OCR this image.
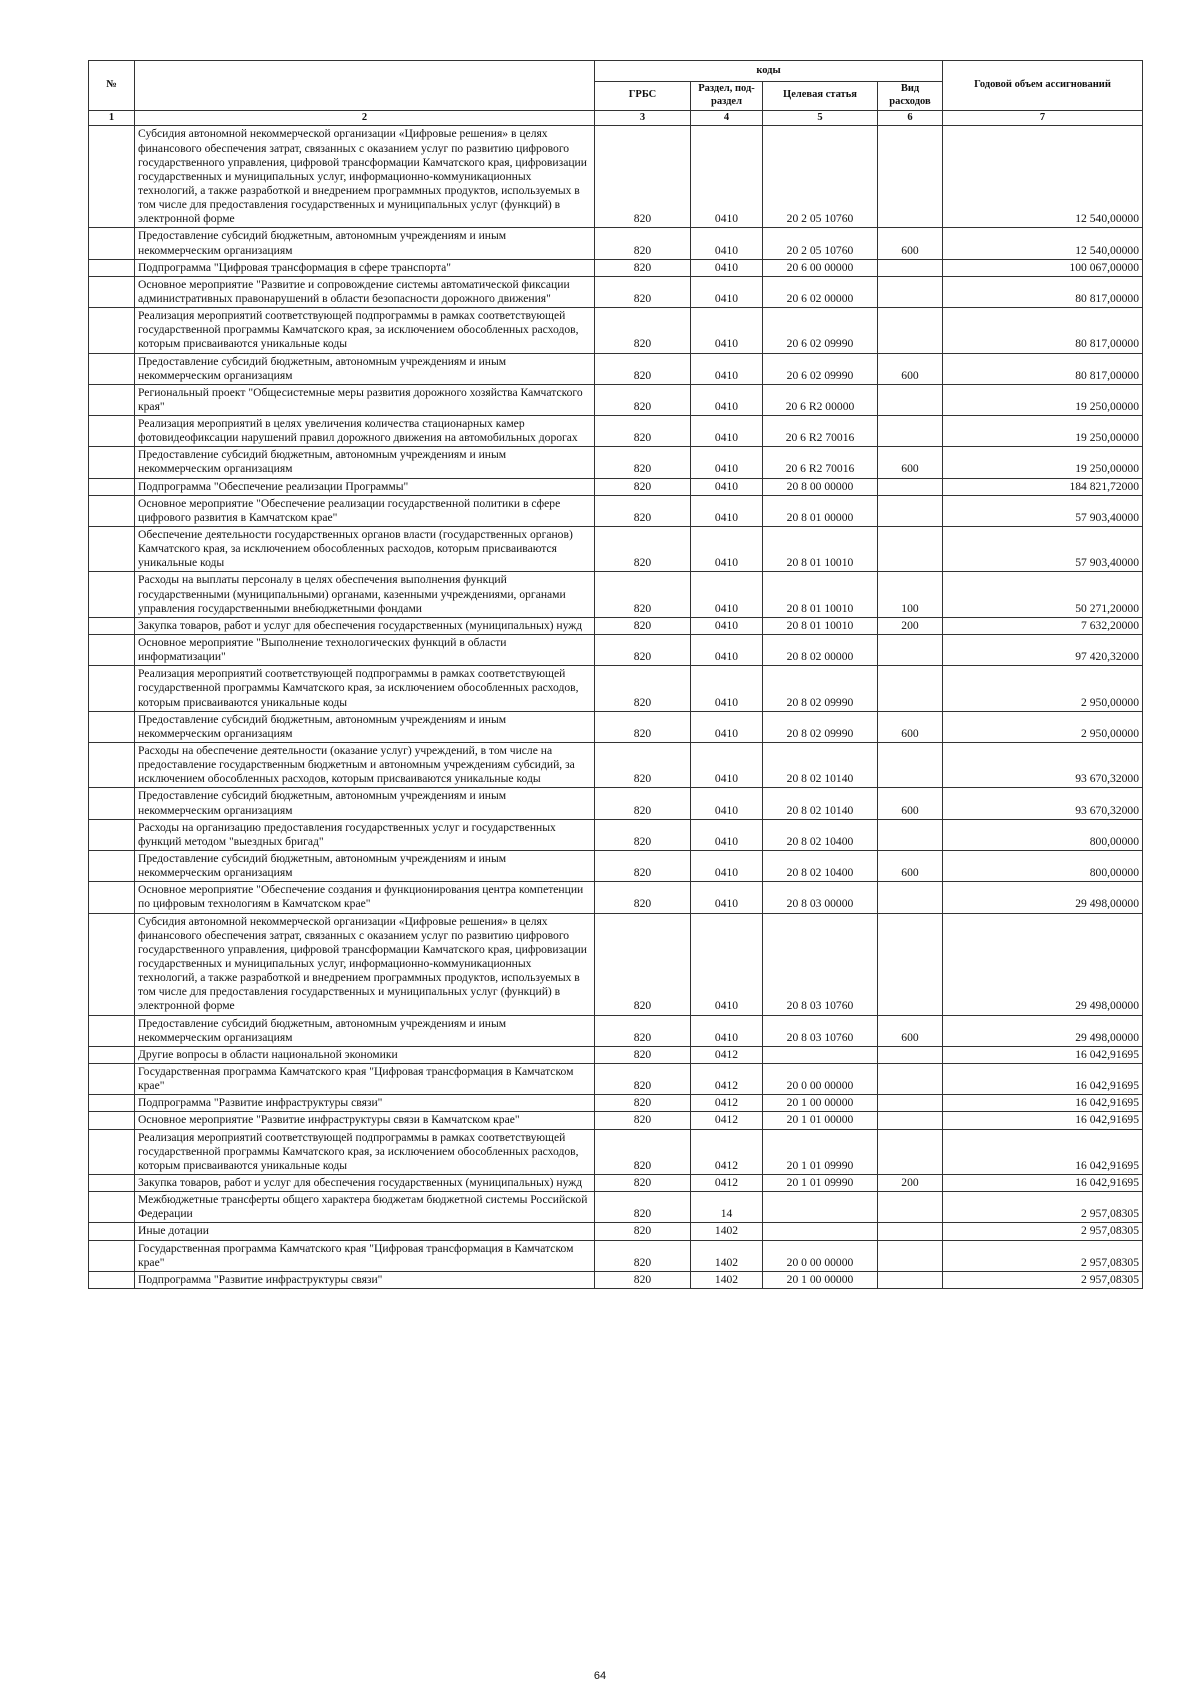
№		коды				Годовой объем ассигнований
		ГРБС	Раздел, под-раздел	Целевая статья	Вид расходов	
1	2	3	4	5	6	7
	Субсидия автономной некоммерческой организации «Цифровые решения» в целях финансового обеспечения затрат, связанных с оказанием услуг по развитию цифрового государственного управления, цифровой трансформации Камчатского края, цифровизации государственных и муниципальных услуг, информационно-коммуникационных технологий, а также разработкой и внедрением программных продуктов, используемых в том числе для предоставления государственных и муниципальных услуг (функций) в электронной форме	820	0410	20 2 05 10760		12 540,00000
	Предоставление субсидий бюджетным, автономным учреждениям и иным некоммерческим организациям	820	0410	20 2 05 10760	600	12 540,00000
	Подпрограмма "Цифровая трансформация в сфере транспорта"	820	0410	20 6 00 00000		100 067,00000
	Основное мероприятие "Развитие и сопровождение системы автоматической фиксации административных правонарушений в области безопасности дорожного движения"	820	0410	20 6 02 00000		80 817,00000
	Реализация мероприятий соответствующей подпрограммы в рамках соответствующей государственной программы Камчатского края, за исключением обособленных расходов, которым присваиваются уникальные коды	820	0410	20 6 02 09990		80 817,00000
	Предоставление субсидий бюджетным, автономным учреждениям и иным некоммерческим организациям	820	0410	20 6 02 09990	600	80 817,00000
	Региональный проект "Общесистемные меры развития дорожного хозяйства Камчатского края"	820	0410	20 6 R2 00000		19 250,00000
	Реализация мероприятий в целях увеличения количества стационарных камер фотовидеофиксации нарушений правил дорожного движения на автомобильных дорогах	820	0410	20 6 R2 70016		19 250,00000
	Предоставление субсидий бюджетным, автономным учреждениям и иным некоммерческим организациям	820	0410	20 6 R2 70016	600	19 250,00000
	Подпрограмма "Обеспечение реализации Программы"	820	0410	20 8 00 00000		184 821,72000
	Основное мероприятие "Обеспечение реализации государственной политики в сфере цифрового развития в Камчатском крае"	820	0410	20 8 01 00000		57 903,40000
	Обеспечение деятельности государственных органов власти (государственных органов) Камчатского края, за исключением обособленных расходов, которым присваиваются уникальные коды	820	0410	20 8 01 10010		57 903,40000
	Расходы на выплаты персоналу в целях обеспечения выполнения функций государственными (муниципальными) органами, казенными учреждениями, органами управления государственными внебюджетными фондами	820	0410	20 8 01 10010	100	50 271,20000
	Закупка товаров, работ и услуг для обеспечения государственных (муниципальных) нужд	820	0410	20 8 01 10010	200	7 632,20000
	Основное мероприятие "Выполнение технологических функций в области информатизации"	820	0410	20 8 02 00000		97 420,32000
	Реализация мероприятий соответствующей подпрограммы в рамках соответствующей государственной программы Камчатского края, за исключением обособленных расходов, которым присваиваются уникальные коды	820	0410	20 8 02 09990		2 950,00000
	Предоставление субсидий бюджетным, автономным учреждениям и иным некоммерческим организациям	820	0410	20 8 02 09990	600	2 950,00000
	Расходы на обеспечение деятельности (оказание услуг) учреждений, в том числе на предоставление государственным бюджетным и автономным учреждениям субсидий, за исключением обособленных расходов, которым присваиваются уникальные коды	820	0410	20 8 02 10140		93 670,32000
	Предоставление субсидий бюджетным, автономным учреждениям и иным некоммерческим организациям	820	0410	20 8 02 10140	600	93 670,32000
	Расходы на организацию предоставления государственных услуг и государственных функций методом "выездных бригад"	820	0410	20 8 02 10400		800,00000
	Предоставление субсидий бюджетным, автономным учреждениям и иным некоммерческим организациям	820	0410	20 8 02 10400	600	800,00000
	Основное мероприятие "Обеспечение создания и функционирования центра компетенции по цифровым технологиям в Камчатском крае"	820	0410	20 8 03 00000		29 498,00000
	Субсидия автономной некоммерческой организации «Цифровые решения» в целях финансового обеспечения затрат, связанных с оказанием услуг по развитию цифрового государственного управления, цифровой трансформации Камчатского края, цифровизации государственных и муниципальных услуг, информационно-коммуникационных технологий, а также разработкой и внедрением программных продуктов, используемых в том числе для предоставления государственных и муниципальных услуг (функций) в электронной форме	820	0410	20 8 03 10760		29 498,00000
	Предоставление субсидий бюджетным, автономным учреждениям и иным некоммерческим организациям	820	0410	20 8 03 10760	600	29 498,00000
	Другие вопросы в области национальной экономики	820	0412			16 042,91695
	Государственная программа Камчатского края "Цифровая трансформация в Камчатском крае"	820	0412	20 0 00 00000		16 042,91695
	Подпрограмма "Развитие инфраструктуры связи"	820	0412	20 1 00 00000		16 042,91695
	Основное мероприятие "Развитие инфраструктуры связи в Камчатском крае"	820	0412	20 1 01 00000		16 042,91695
	Реализация мероприятий соответствующей подпрограммы в рамках соответствующей государственной программы Камчатского края, за исключением обособленных расходов, которым присваиваются уникальные коды	820	0412	20 1 01 09990		16 042,91695
	Закупка товаров, работ и услуг для обеспечения государственных (муниципальных) нужд	820	0412	20 1 01 09990	200	16 042,91695
	Межбюджетные трансферты общего характера бюджетам бюджетной системы Российской Федерации	820	14			2 957,08305
	Иные дотации	820	1402			2 957,08305
	Государственная программа Камчатского края "Цифровая трансформация в Камчатском крае"	820	1402	20 0 00 00000		2 957,08305
	Подпрограмма "Развитие инфраструктуры связи"	820	1402	20 1 00 00000		2 957,08305
64
